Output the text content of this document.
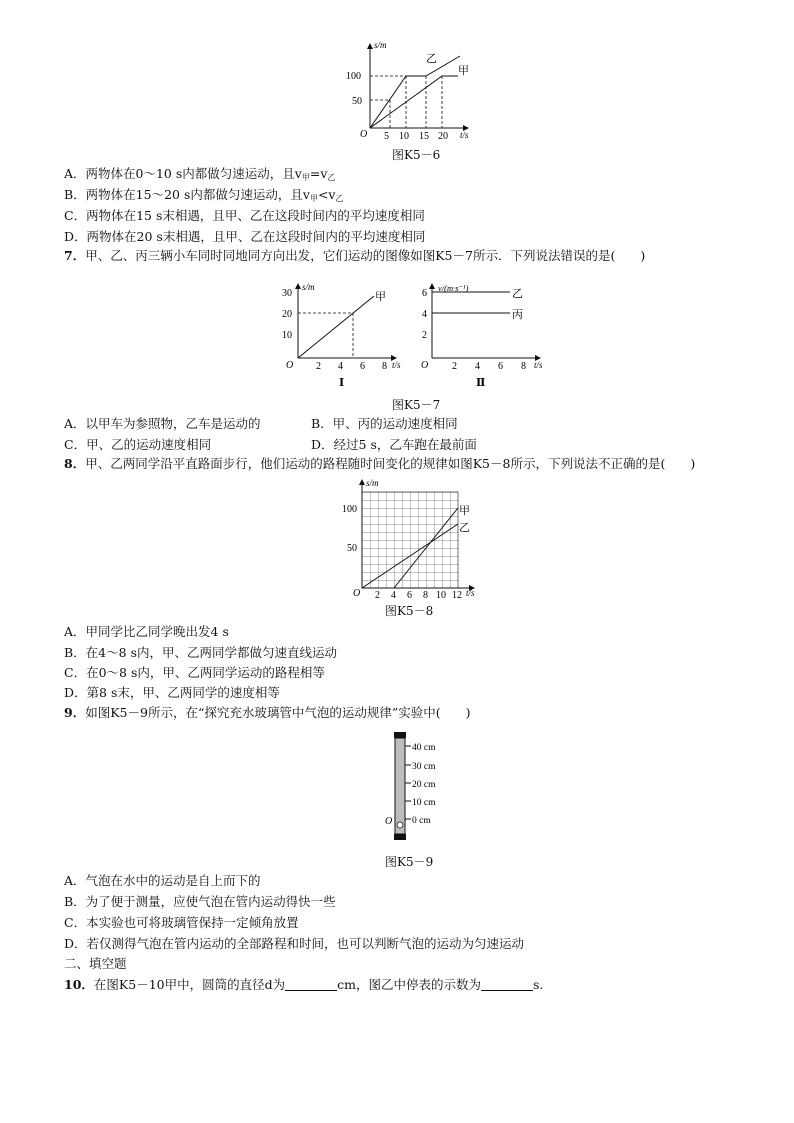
s/m
t/s
O
100
50
5 10 15 20
乙
甲
图K5－6
A．两物体在0～10 s内都做匀速运动，且$v_甲=v_乙$
B．两物体在15～20 s内都做匀速运动，且$v_甲<v_乙$
C．两物体在15 s末相遇，且甲、乙在这段时间内的平均速度相同
D．两物体在20 s末相遇，且甲、乙在这段时间内的平均速度相同
7．甲、乙、丙三辆小车同时同地同方向出发，它们运动的图像如图K5－7所示．下列说法错误的是(　　)
s/m
t/s
O
30
20
10
2 4 6 8
甲
Ⅰ
v/(m·s⁻¹)
t/s
O
6
4
2
2 4 6 8
乙
丙
Ⅱ
图K5－7
A．以甲车为参照物，乙车是运动的	B．甲、丙的运动速度相同
C．甲、乙的运动速度相同	D．经过5 s，乙车跑在最前面
8．甲、乙两同学沿平直路面步行，他们运动的路程随时间变化的规律如图K5－8所示，下列说法不正确的是(　　)
s/m
t/s
O
100
50
2 4 6 8 10 12
甲
乙
图K5－8
A．甲同学比乙同学晚出发4 s
B．在4～8 s内，甲、乙两同学都做匀速直线运动
C．在0～8 s内，甲、乙两同学运动的路程相等
D．第8 s末，甲、乙两同学的速度相等
9．如图K5－9所示，在“探究充水玻璃管中气泡的运动规律”实验中(　　)
40 cm
30 cm
20 cm
10 cm
0 cm
O
图K5－9
A．气泡在水中的运动是自上而下的
B．为了便于测量，应使气泡在管内运动得快一些
C．本实验也可将玻璃管保持一定倾角放置
D．若仅测得气泡在管内运动的全部路程和时间，也可以判断气泡的运动为匀速运动
二、填空题
10．在图K5－10甲中，圆筒的直径d为	cm，图乙中停表的示数为	s.
